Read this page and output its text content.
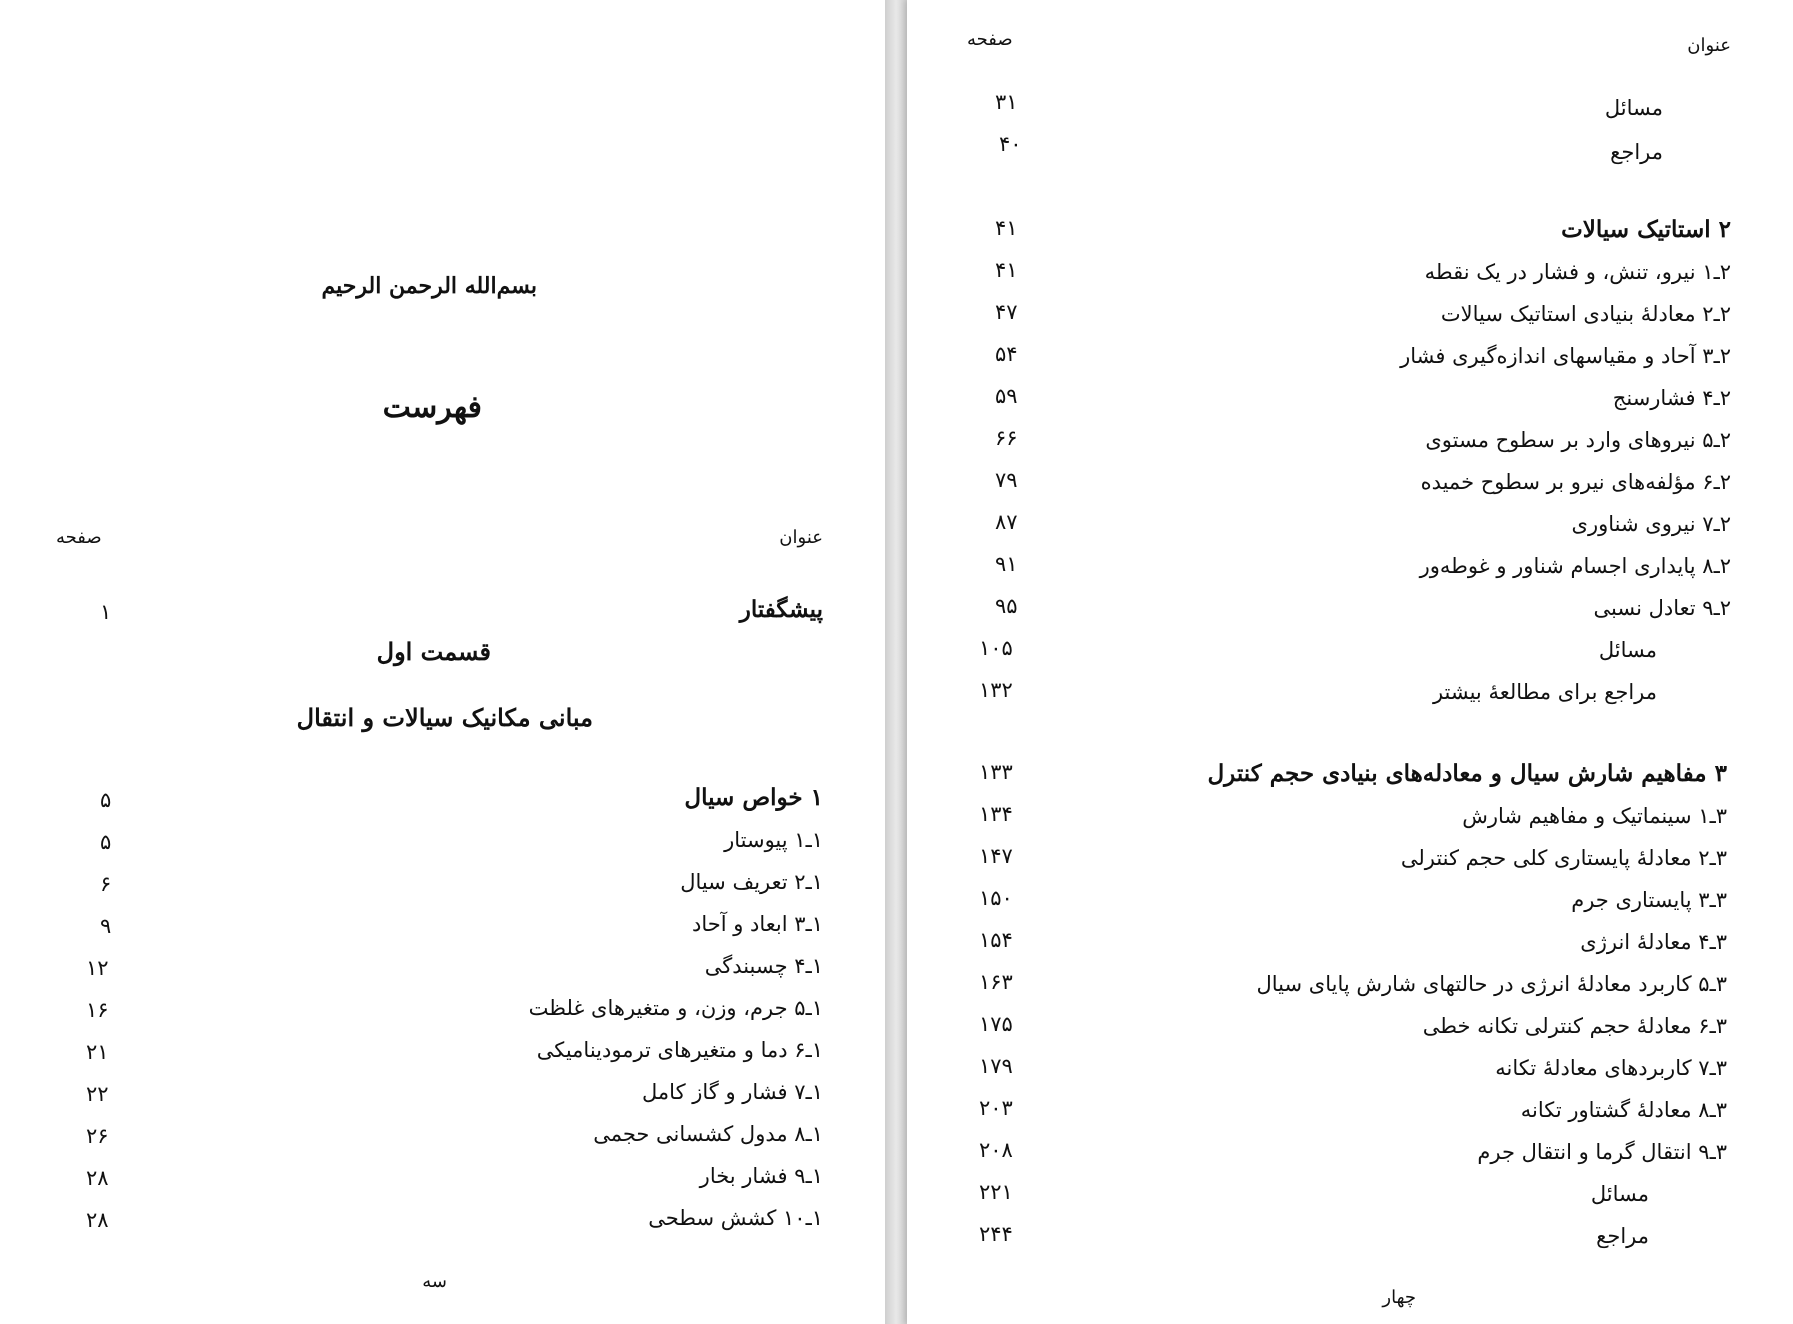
بسم‌الله الرحمن الرحیم
فهرست
عنوان
صفحه
پیشگفتار
۱
قسمت اول
مبانی مکانیک سیالات و انتقال
۱ خواص سیال
۵
۱ـ۱ پیوستار
۵
۱ـ۲ تعریف سیال
۶
۱ـ۳ ابعاد و آحاد
۹
۱ـ۴ چسبندگی
۱۲
۱ـ۵ جرم، وزن، و متغیرهای غلظت
۱۶
۱ـ۶ دما و متغیرهای ترمودینامیکی
۲۱
۱ـ۷ فشار و گاز کامل
۲۲
۱ـ۸ مدول کشسانی حجمی
۲۶
۱ـ۹ فشار بخار
۲۸
۱ـ۱۰ کشش سطحی
۲۸
سه
عنوان
صفحه
مسائل
۳۱
مراجع
۴۰
۲ استاتیک سیالات
۴۱
۲ـ۱ نیرو، تنش، و فشار در یک نقطه
۴۱
۲ـ۲ معادلهٔ بنیادی استاتیک سیالات
۴۷
۲ـ۳ آحاد و مقیاسهای اندازه‌گیری فشار
۵۴
۲ـ۴ فشارسنج
۵۹
۲ـ۵ نیروهای وارد بر سطوح مستوی
۶۶
۲ـ۶ مؤلفه‌های نیرو بر سطوح خمیده
۷۹
۲ـ۷ نیروی شناوری
۸۷
۲ـ۸ پایداری اجسام شناور و غوطه‌ور
۹۱
۲ـ۹ تعادل نسبی
۹۵
مسائل
۱۰۵
مراجع برای مطالعهٔ بیشتر
۱۳۲
۳ مفاهیم شارش سیال و معادله‌های بنیادی حجم کنترل
۱۳۳
۳ـ۱ سینماتیک و مفاهیم شارش
۱۳۴
۳ـ۲ معادلهٔ پایستاری کلی حجم کنترلی
۱۴۷
۳ـ۳ پایستاری جرم
۱۵۰
۳ـ۴ معادلهٔ انرژی
۱۵۴
۳ـ۵ کاربرد معادلهٔ انرژی در حالتهای شارش پایای سیال
۱۶۳
۳ـ۶ معادلهٔ حجم کنترلی تکانه خطی
۱۷۵
۳ـ۷ کاربردهای معادلهٔ تکانه
۱۷۹
۳ـ۸ معادلهٔ گشتاور تکانه
۲۰۳
۳ـ۹ انتقال گرما و انتقال جرم
۲۰۸
مسائل
۲۲۱
مراجع
۲۴۴
چهار
